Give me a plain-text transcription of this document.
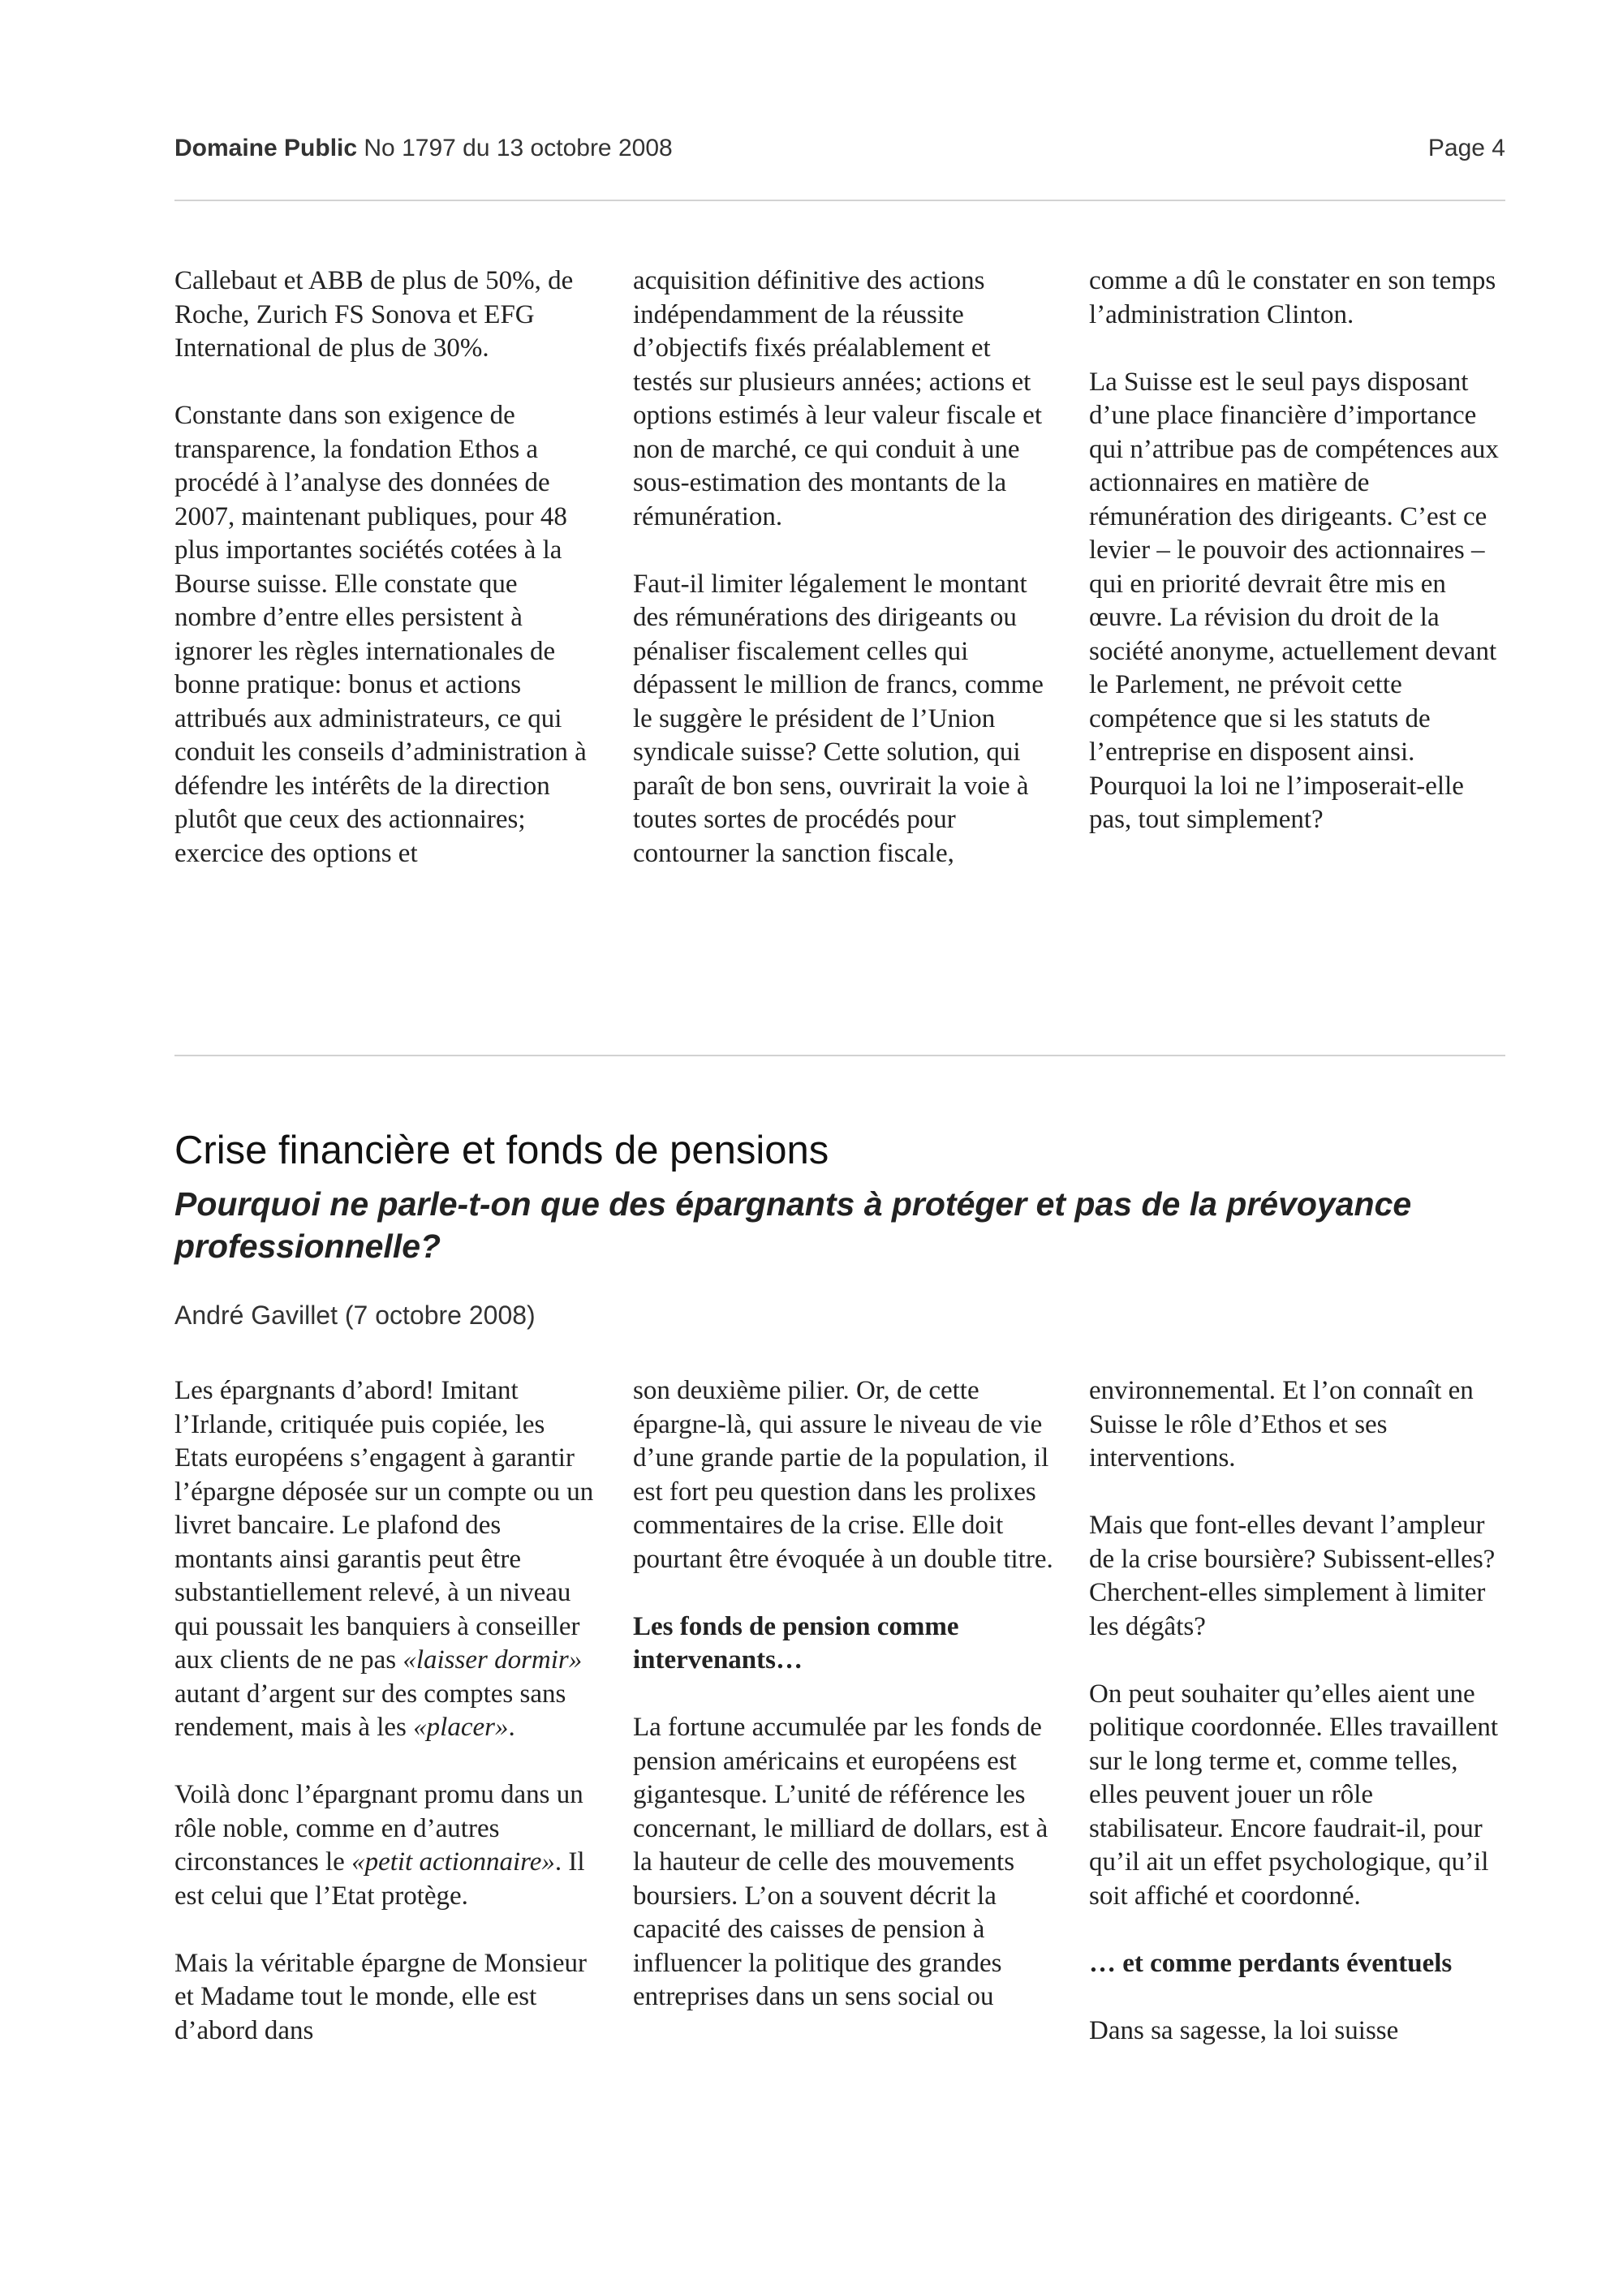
Domaine Public No 1797 du 13 octobre 2008	Page 4

Callebaut et ABB de plus de 50%, de Roche, Zurich FS Sonova et EFG International de plus de 30%.

Constante dans son exigence de transparence, la fondation Ethos a procédé à l’analyse des données de 2007, maintenant publiques, pour 48 plus importantes sociétés cotées à la Bourse suisse. Elle constate que nombre d’entre elles persistent à ignorer les règles internationales de bonne pratique: bonus et actions attribués aux administrateurs, ce qui conduit les conseils d’administration à défendre les intérêts de la direction plutôt que ceux des actionnaires; exercice des options et

acquisition définitive des actions indépendamment de la réussite d’objectifs fixés préalablement et testés sur plusieurs années; actions et options estimés à leur valeur fiscale et non de marché, ce qui conduit à une sous-estimation des montants de la rémunération.

Faut-il limiter légalement le montant des rémunérations des dirigeants ou pénaliser fiscalement celles qui dépassent le million de francs, comme le suggère le président de l’Union syndicale suisse? Cette solution, qui paraît de bon sens, ouvrirait la voie à toutes sortes de procédés pour contourner la sanction fiscale,

comme a dû le constater en son temps l’administration Clinton.

La Suisse est le seul pays disposant d’une place financière d’importance qui n’attribue pas de compétences aux actionnaires en matière de rémunération des dirigeants. C’est ce levier – le pouvoir des actionnaires – qui en priorité devrait être mis en œuvre. La révision du droit de la société anonyme, actuellement devant le Parlement, ne prévoit cette compétence que si les statuts de l’entreprise en disposent ainsi. Pourquoi la loi ne l’imposerait-elle pas, tout simplement?

Crise financière et fonds de pensions
Pourquoi ne parle-t-on que des épargnants à protéger et pas de la prévoyance professionnelle?
André Gavillet (7 octobre 2008)

Les épargnants d’abord! Imitant l’Irlande, critiquée puis copiée, les Etats européens s’engagent à garantir l’épargne déposée sur un compte ou un livret bancaire. Le plafond des montants ainsi garantis peut être substantiellement relevé, à un niveau qui poussait les banquiers à conseiller aux clients de ne pas «laisser dormir» autant d’argent sur des comptes sans rendement, mais à les «placer».

Voilà donc l’épargnant promu dans un rôle noble, comme en d’autres circonstances le «petit actionnaire». Il est celui que l’Etat protège.

Mais la véritable épargne de Monsieur et Madame tout le monde, elle est d’abord dans

son deuxième pilier. Or, de cette épargne-là, qui assure le niveau de vie d’une grande partie de la population, il est fort peu question dans les prolixes commentaires de la crise. Elle doit pourtant être évoquée à un double titre.

Les fonds de pension comme intervenants…

La fortune accumulée par les fonds de pension américains et européens est gigantesque. L’unité de référence les concernant, le milliard de dollars, est à la hauteur de celle des mouvements boursiers. L’on a souvent décrit la capacité des caisses de pension à influencer la politique des grandes entreprises dans un sens social ou

environnemental. Et l’on connaît en Suisse le rôle d’Ethos et ses interventions.

Mais que font-elles devant l’ampleur de la crise boursière? Subissent-elles? Cherchent-elles simplement à limiter les dégâts?

On peut souhaiter qu’elles aient une politique coordonnée. Elles travaillent sur le long terme et, comme telles, elles peuvent jouer un rôle stabilisateur. Encore faudrait-il, pour qu’il ait un effet psychologique, qu’il soit affiché et coordonné.

… et comme perdants éventuels

Dans sa sagesse, la loi suisse
